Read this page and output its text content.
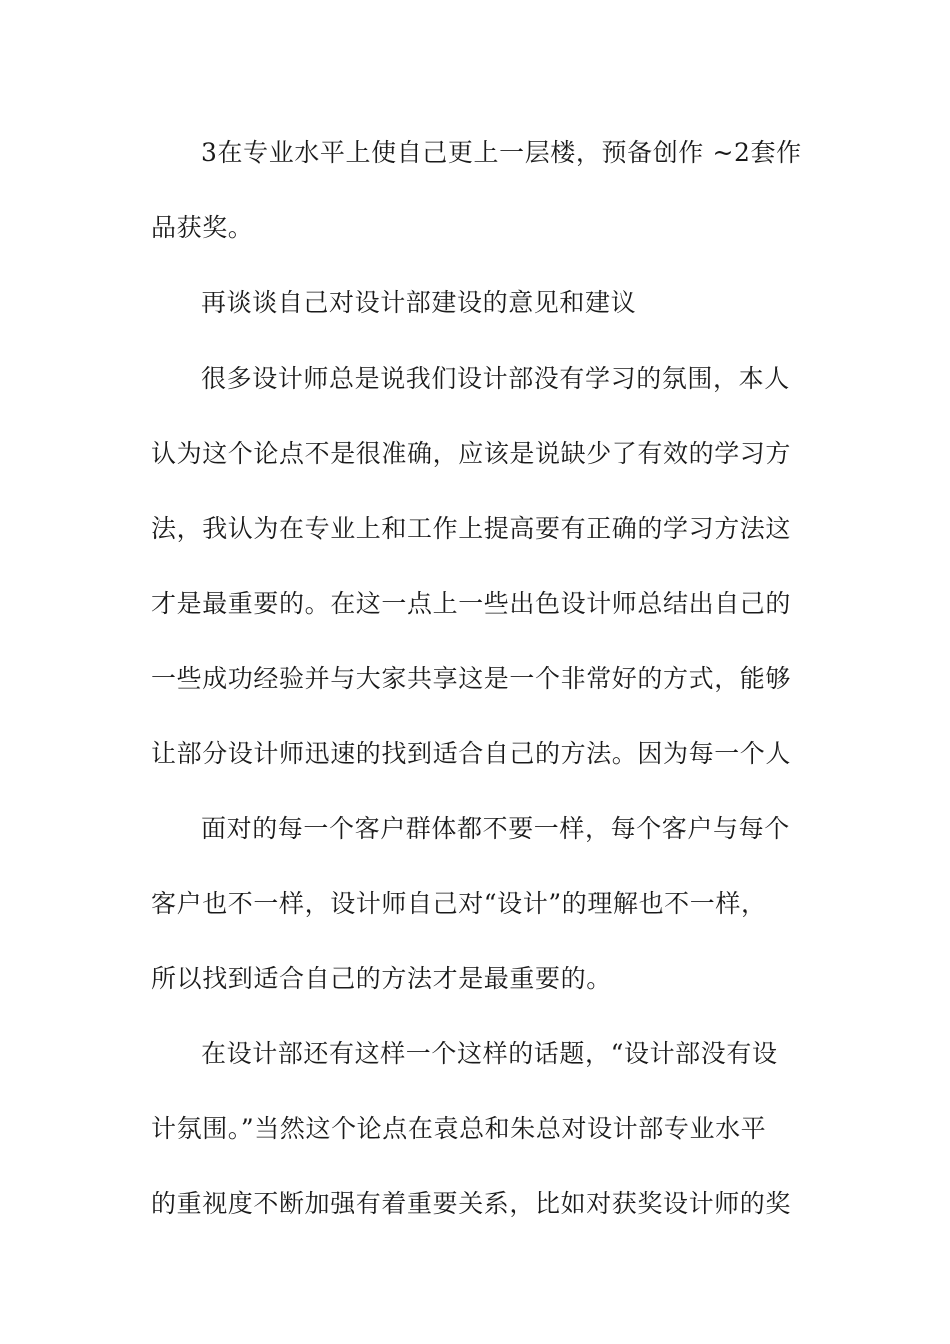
3在专业水平上使自己更上一层楼，预备创作 ~2套作
品获奖。
再谈谈自己对设计部建设的意见和建议
很多设计师总是说我们设计部没有学习的氛围，本人
认为这个论点不是很准确，应该是说缺少了有效的学习方
法，我认为在专业上和工作上提高要有正确的学习方法这
才是最重要的。在这一点上一些出色设计师总结出自己的
一些成功经验并与大家共享这是一个非常好的方式，能够
让部分设计师迅速的找到适合自己的方法。因为每一个人
面对的每一个客户群体都不要一样，每个客户与每个
客户也不一样，设计师自己对“设计”的理解也不一样，
所以找到适合自己的方法才是最重要的。
在设计部还有这样一个这样的话题，“设计部没有设
计氛围。”当然这个论点在袁总和朱总对设计部专业水平
的重视度不断加强有着重要关系，比如对获奖设计师的奖
